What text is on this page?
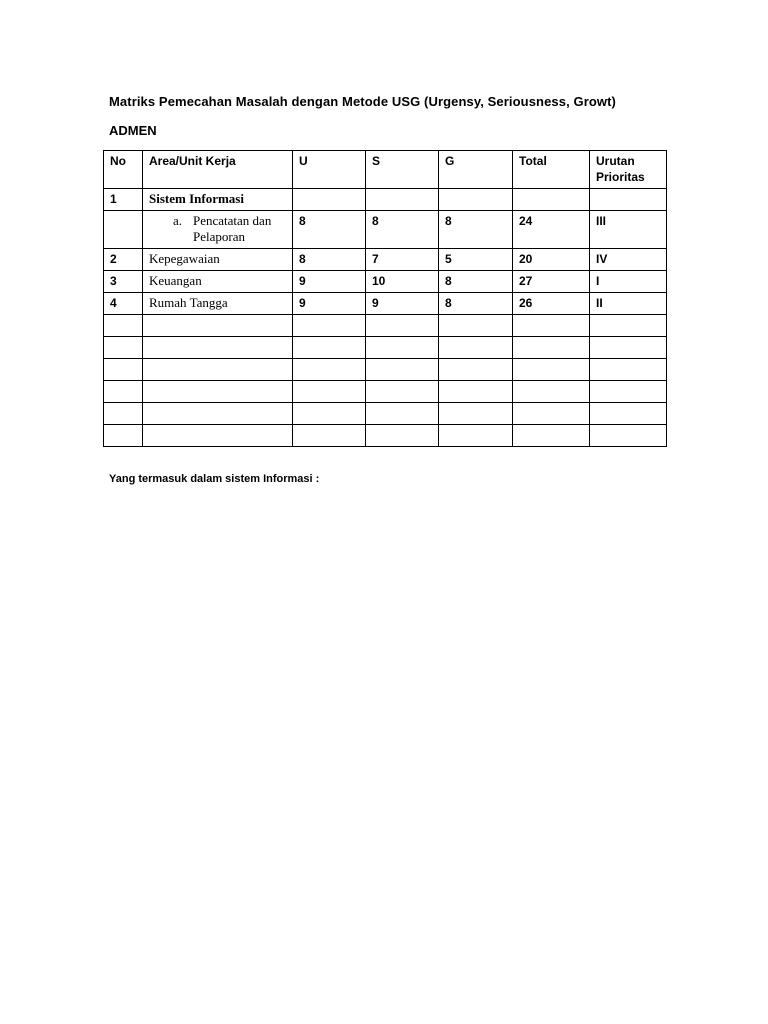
Matriks Pemecahan Masalah dengan Metode USG (Urgensy, Seriousness, Growt)
ADMEN
No	Area/Unit Kerja	U	S	G	Total	Urutan Prioritas
1	Sistem Informasi					

	a. Pencatatan dan Pelaporan	8	8	8	24	III
2	Kepegawaian	8	7	5	20	IV
3	Keuangan	9	10	8	27	I
4	Rumah Tangga	9	9	8	26	II

Yang termasuk dalam sistem Informasi :
